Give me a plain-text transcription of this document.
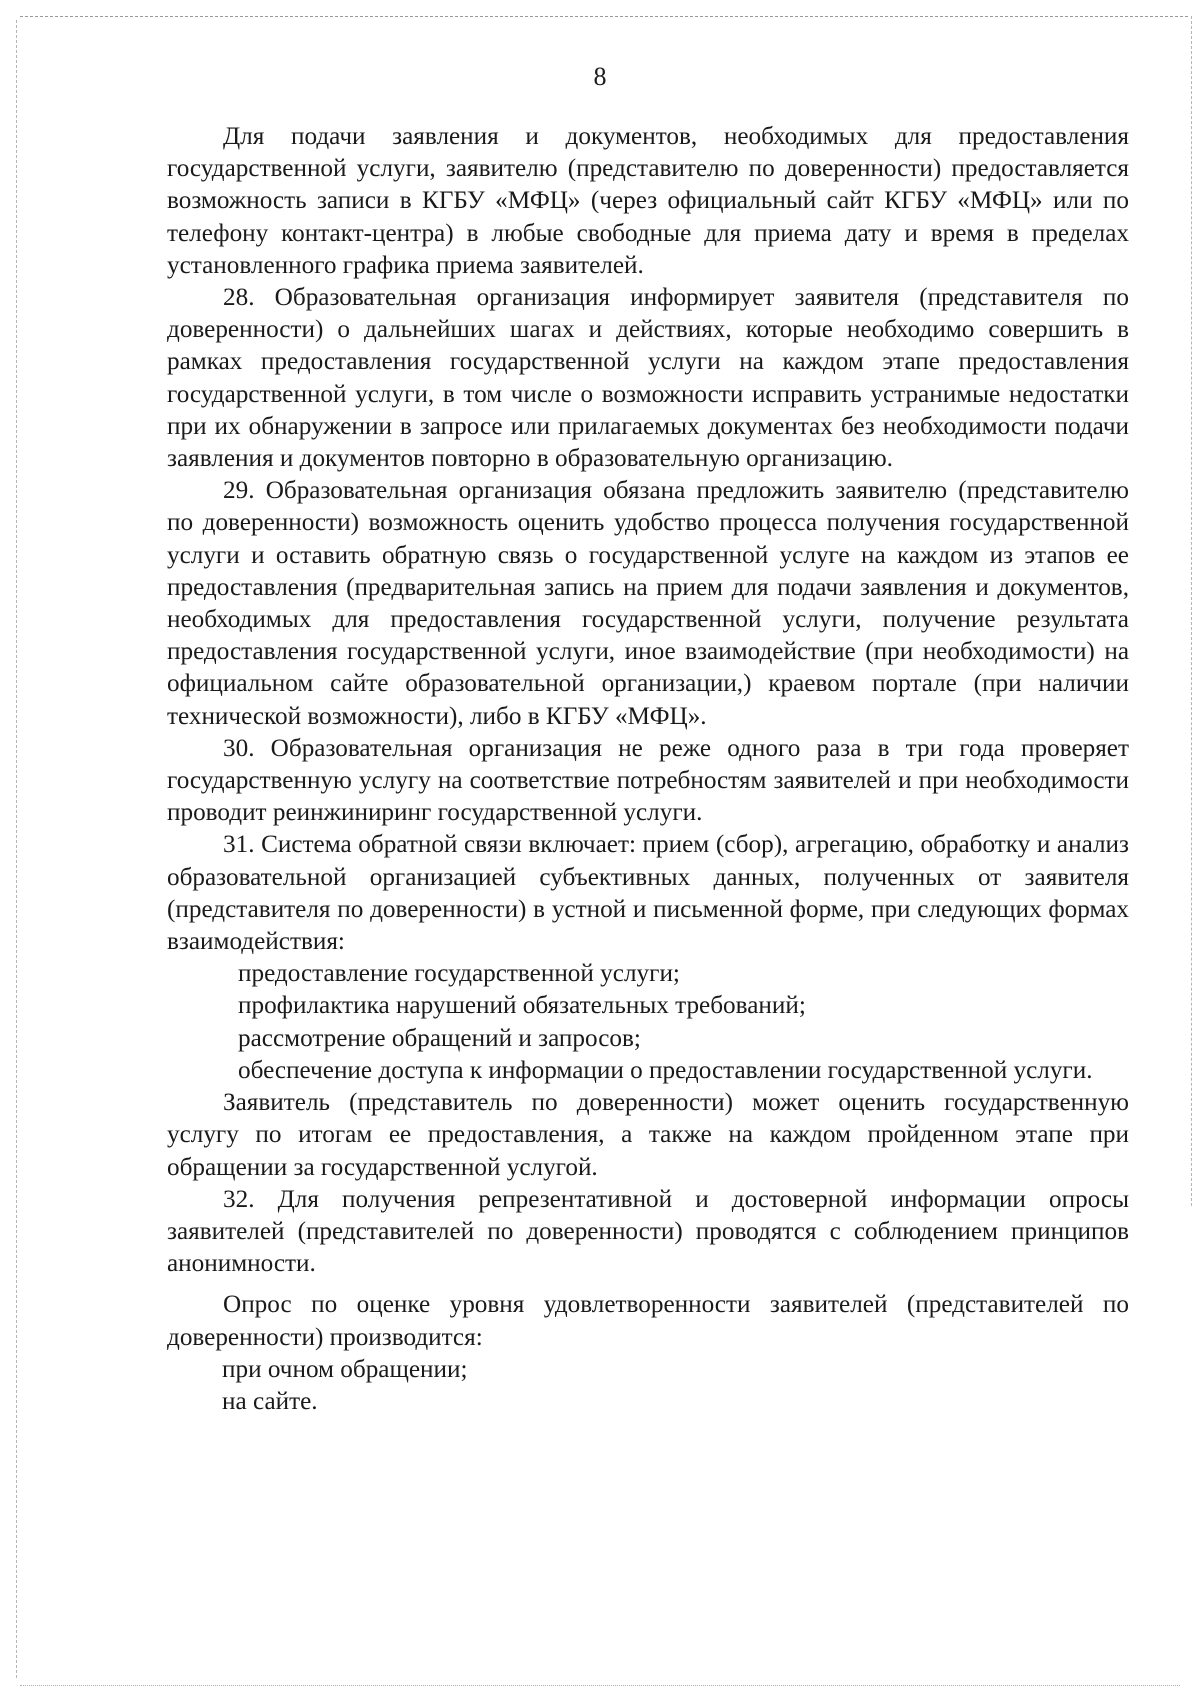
8

Для подачи заявления и документов, необходимых для предоставления государственной услуги, заявителю (представителю по доверенности) предоставляется возможность записи в КГБУ «МФЦ» (через официальный сайт КГБУ «МФЦ» или по телефону контакт-центра) в любые свободные для приема дату и время в пределах установленного графика приема заявителей.

28. Образовательная организация информирует заявителя (представителя по доверенности) о дальнейших шагах и действиях, которые необходимо совершить в рамках предоставления государственной услуги на каждом этапе предоставления государственной услуги, в том числе о возможности исправить устранимые недостатки при их обнаружении в запросе или прилагаемых документах без необходимости подачи заявления и документов повторно в образовательную организацию.

29. Образовательная организация обязана предложить заявителю (представителю по доверенности) возможность оценить удобство процесса получения государственной услуги и оставить обратную связь о государственной услуге на каждом из этапов ее предоставления (предварительная запись на прием для подачи заявления и документов, необходимых для предоставления государственной услуги, получение результата предоставления государственной услуги, иное взаимодействие (при необходимости) на официальном сайте образовательной организации,) краевом портале (при наличии технической возможности), либо в КГБУ «МФЦ».

30. Образовательная организация не реже одного раза в три года проверяет государственную услугу на соответствие потребностям заявителей и при необходимости проводит реинжиниринг государственной услуги.

31. Система обратной связи включает: прием (сбор), агрегацию, обработку и анализ образовательной организацией субъективных данных, полученных от заявителя (представителя по доверенности) в устной и письменной форме, при следующих формах взаимодействия:

предоставление государственной услуги;

профилактика нарушений обязательных требований;

рассмотрение обращений и запросов;

обеспечение доступа к информации о предоставлении государственной услуги.

Заявитель (представитель по доверенности) может оценить государственную услугу по итогам ее предоставления, а также на каждом пройденном этапе при обращении за государственной услугой.

32. Для получения репрезентативной и достоверной информации опросы заявителей (представителей по доверенности) проводятся с соблюдением принципов анонимности.

Опрос по оценке уровня удовлетворенности заявителей (представителей по доверенности) производится:

при очном обращении;

на сайте.
